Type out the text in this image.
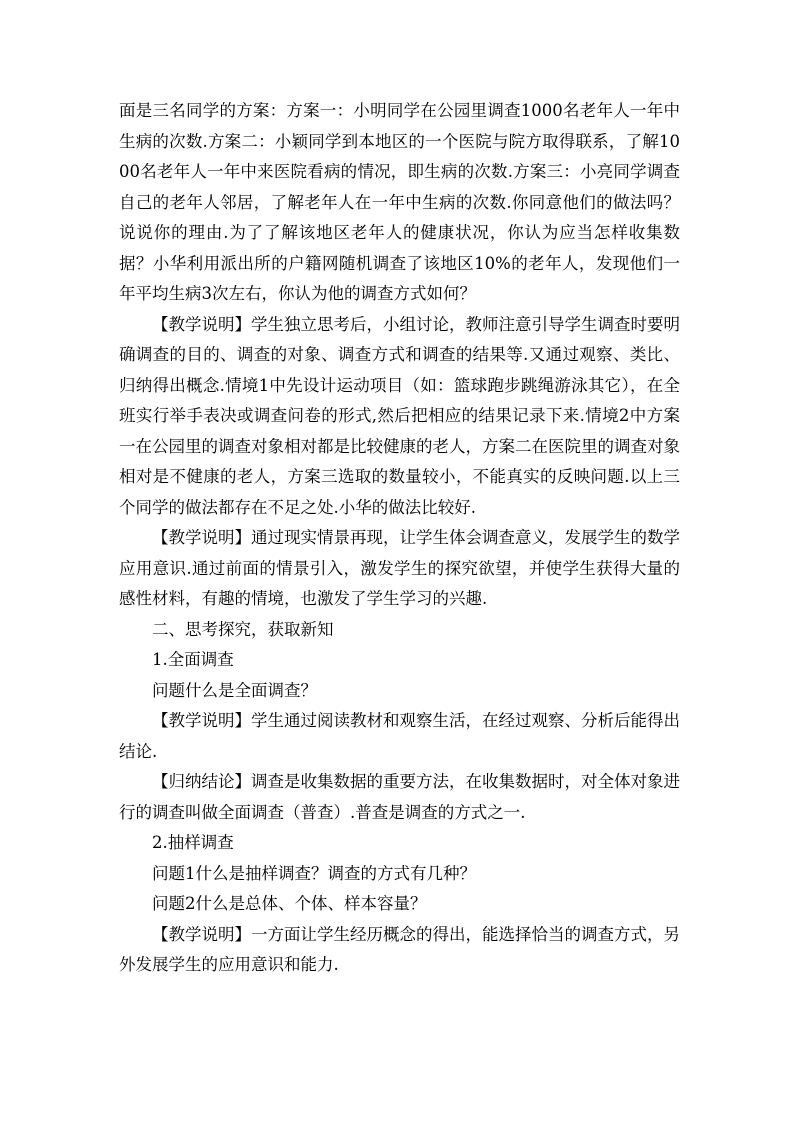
面是三名同学的方案：方案一：小明同学在公园里调查1000名老年人一年中生病的次数.方案二：小颖同学到本地区的一个医院与院方取得联系，了解1000名老年人一年中来医院看病的情况，即生病的次数.方案三：小亮同学调查自己的老年人邻居，了解老年人在一年中生病的次数.你同意他们的做法吗？说说你的理由.为了了解该地区老年人的健康状况，你认为应当怎样收集数据？小华利用派出所的户籍网随机调查了该地区10%的老年人，发现他们一年平均生病3次左右，你认为他的调查方式如何？

【教学说明】学生独立思考后，小组讨论，教师注意引导学生调查时要明确调查的目的、调查的对象、调查方式和调查的结果等.又通过观察、类比、归纳得出概念.情境1中先设计运动项目（如：篮球跑步跳绳游泳其它），在全班实行举手表决或调查问卷的形式,然后把相应的结果记录下来.情境2中方案一在公园里的调查对象相对都是比较健康的老人，方案二在医院里的调查对象相对是不健康的老人，方案三选取的数量较小，不能真实的反映问题.以上三个同学的做法都存在不足之处.小华的做法比较好.

【教学说明】通过现实情景再现，让学生体会调查意义，发展学生的数学应用意识.通过前面的情景引入，激发学生的探究欲望，并使学生获得大量的感性材料，有趣的情境，也激发了学生学习的兴趣.

二、思考探究，获取新知

1.全面调查

问题什么是全面调查？

【教学说明】学生通过阅读教材和观察生活，在经过观察、分析后能得出结论.

【归纳结论】调查是收集数据的重要方法，在收集数据时，对全体对象进行的调查叫做全面调查（普查）.普查是调查的方式之一.

2.抽样调查

问题1什么是抽样调查？调查的方式有几种？

问题2什么是总体、个体、样本容量？

【教学说明】一方面让学生经历概念的得出，能选择恰当的调查方式，另外发展学生的应用意识和能力.
